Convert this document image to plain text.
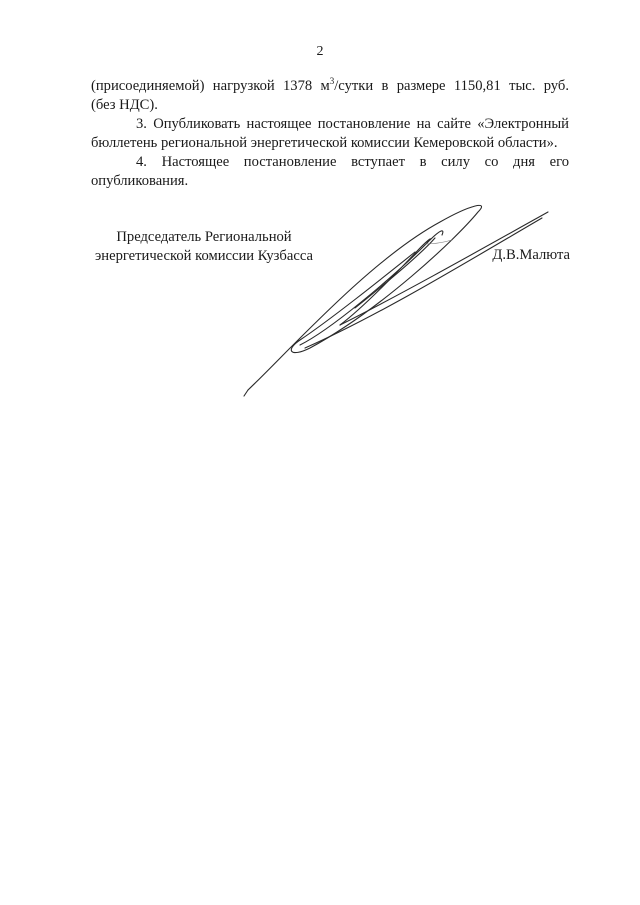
2

(присоединяемой) нагрузкой 1378 $м^3$/сутки в размере 1150,81 тыс. руб.

(без НДС).

3. Опубликовать настоящее постановление на сайте «Электронный

бюллетень региональной энергетической комиссии Кемеровской области».

4. Настоящее постановление вступает в силу со дня его

опубликования.

Председатель Региональной
энергетической комиссии Кузбасса	Д.В.Малюта
